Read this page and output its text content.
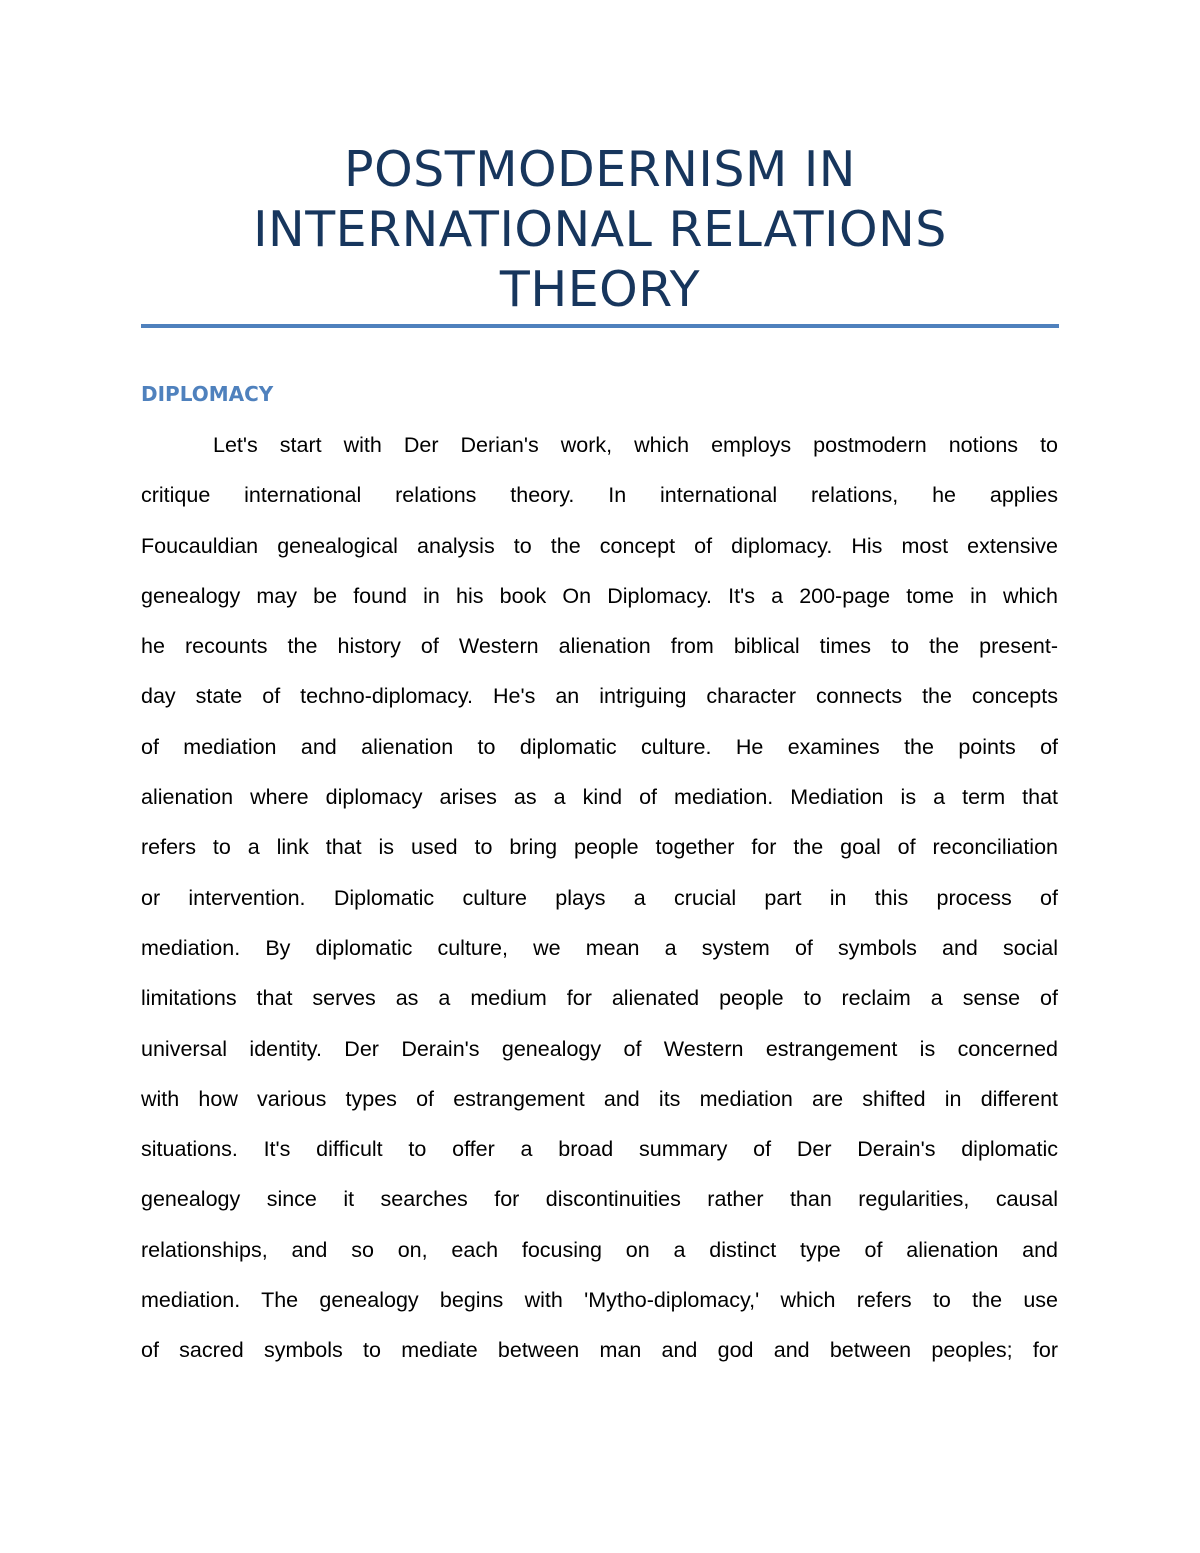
POSTMODERNISM IN
INTERNATIONAL RELATIONS
THEORY
DIPLOMACY
Let's start with Der Derian's work, which employs postmodern notions to
critique international relations theory. In international relations, he applies
Foucauldian genealogical analysis to the concept of diplomacy. His most extensive
genealogy may be found in his book On Diplomacy. It's a 200-page tome in which
he recounts the history of Western alienation from biblical times to the present-
day state of techno-diplomacy. He's an intriguing character connects the concepts
of mediation and alienation to diplomatic culture. He examines the points of
alienation where diplomacy arises as a kind of mediation. Mediation is a term that
refers to a link that is used to bring people together for the goal of reconciliation
or intervention. Diplomatic culture plays a crucial part in this process of
mediation. By diplomatic culture, we mean a system of symbols and social
limitations that serves as a medium for alienated people to reclaim a sense of
universal identity. Der Derain's genealogy of Western estrangement is concerned
with how various types of estrangement and its mediation are shifted in different
situations. It's difficult to offer a broad summary of Der Derain's diplomatic
genealogy since it searches for discontinuities rather than regularities, causal
relationships, and so on, each focusing on a distinct type of alienation and
mediation. The genealogy begins with 'Mytho-diplomacy,' which refers to the use
of sacred symbols to mediate between man and god and between peoples; for
